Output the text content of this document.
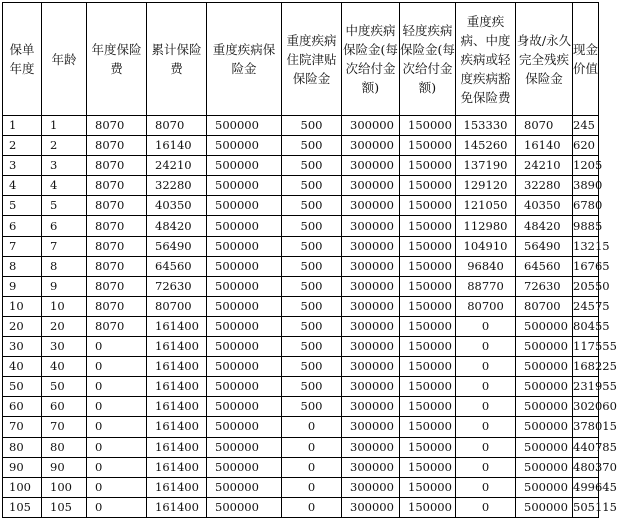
保单年度	年龄	年度保险费	累计保险费	重度疾病保险金	重度疾病住院津贴保险金	中度疾病保险金(每次给付金额)	轻度疾病保险金(每次给付金额)	重度疾病、中度疾病或轻度疾病豁免保险费	身故/永久完全残疾保险金	现金价值
1	1	8070	8070	500000	500	300000	150000	153330	8070	245
2	2	8070	16140	500000	500	300000	150000	145260	16140	620
3	3	8070	24210	500000	500	300000	150000	137190	24210	1205
4	4	8070	32280	500000	500	300000	150000	129120	32280	3890
5	5	8070	40350	500000	500	300000	150000	121050	40350	6780
6	6	8070	48420	500000	500	300000	150000	112980	48420	9885
7	7	8070	56490	500000	500	300000	150000	104910	56490	13215
8	8	8070	64560	500000	500	300000	150000	96840	64560	16765
9	9	8070	72630	500000	500	300000	150000	88770	72630	20550
10	10	8070	80700	500000	500	300000	150000	80700	80700	24575
20	20	8070	161400	500000	500	300000	150000	0	500000	80455
30	30	0	161400	500000	500	300000	150000	0	500000	117555
40	40	0	161400	500000	500	300000	150000	0	500000	168225
50	50	0	161400	500000	500	300000	150000	0	500000	231955
60	60	0	161400	500000	500	300000	150000	0	500000	302060
70	70	0	161400	500000	0	300000	150000	0	500000	378015
80	80	0	161400	500000	0	300000	150000	0	500000	440785
90	90	0	161400	500000	0	300000	150000	0	500000	480370
100	100	0	161400	500000	0	300000	150000	0	500000	499645
105	105	0	161400	500000	0	300000	150000	0	500000	505115
